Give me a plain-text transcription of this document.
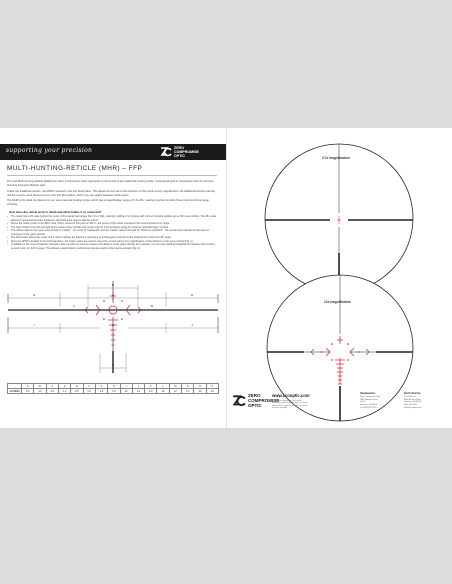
supporting your precision	ZERO
COMPROMISE
OPTIC
MULTI-HUNTING-RETICLE (MHR) – FFP

The new Multi-Hunting-Reticle (MHR) from Zero Compromise Optic represents a refinement of the traditional hunting reticle. It was developed in cooperation with the German shooting instructor Michael Gast.

Unlike the traditional reticles, the MHR is located in the first focal plane. This allows the full use of the functions of the reticle at any magnification. No additional function like the red dot must be used during a hunt in the dim illumination, which you can switch between reticle gears.

The MHR is the ideal complement to our new universal hunting scope, which has a magnification range of 3.7x-25x, making it perfect for both driven hunts and long-range shooting.

How does the reticle work in detail and what makes it so universal?
• The reticle has a 96 scale behind the center of the reticle that ranges from 0 to 1 MIL, making it sufficient for hunting with common hunting calibres up to 300 m and further. The MIL scale allows for quick and accurate holdovers, eliminating the need to dial the turrets.
• Above the reticle center is the BDC mark. When zeroed to this point at 100 m, the center of the reticle represents the recommended zero range.
• The hash marks to the left and right of the reticle center indicate the correct lead for moving targets using the common "left-hand leap" method.
• The reticle marks in the upper area provide a "Leader" - the circle of "loaded-ish" and the marker marked the lead for "Shoot-on-playback". The arrows then indicate the direction of movement of the game animal.
• The field marks above the center of the reticle indicate the lead for a quartering or trotting game animal moving towards the hunter at a 45° angle.
• Since the MHR is located in the first focal plane, the reticle marks are used to select the correct lead in any magnification, of the distance to the game animal (Fig. 1).
• In addition to the correct holdover, the field marks can also be used to measure the distance to the game animal. For example, if a roe buck standing broadside fits between the first and second mark, it is 100 m away. This distance determination method can also be used for other game animals (Fig. 2).
A
B
C	D
E
F
G	H
I	J
	A	B	C	D	E	F	G	H	I	J	K	L	M	N	O	P
cm/100m	8.0	4.0	2.0	1.0	0.5	6.0	3.0	1.5	12	1.0	2.0	15	12	4.0	20	4.0
3.7x magnification
12x magnification
ZERO
COMPROMISE
OPTIC
www.zcooptic.com
© 2022 Zero Compromise Optic GmbH.
All data are non-binding and subject to change without notice. Images are symbolic. Errors and omissions excepted.
Headquarters
Zero Compromise Optic
1080 Shoreline Drive
Unit 4
Fairhaven, MI 48023
Tel. (810) 987-1234
North America
ZCO USA LLC
4040 Hanford Road
Fairhaven, MI 48023
(586) 219-0600
sales@zcooptic.com
